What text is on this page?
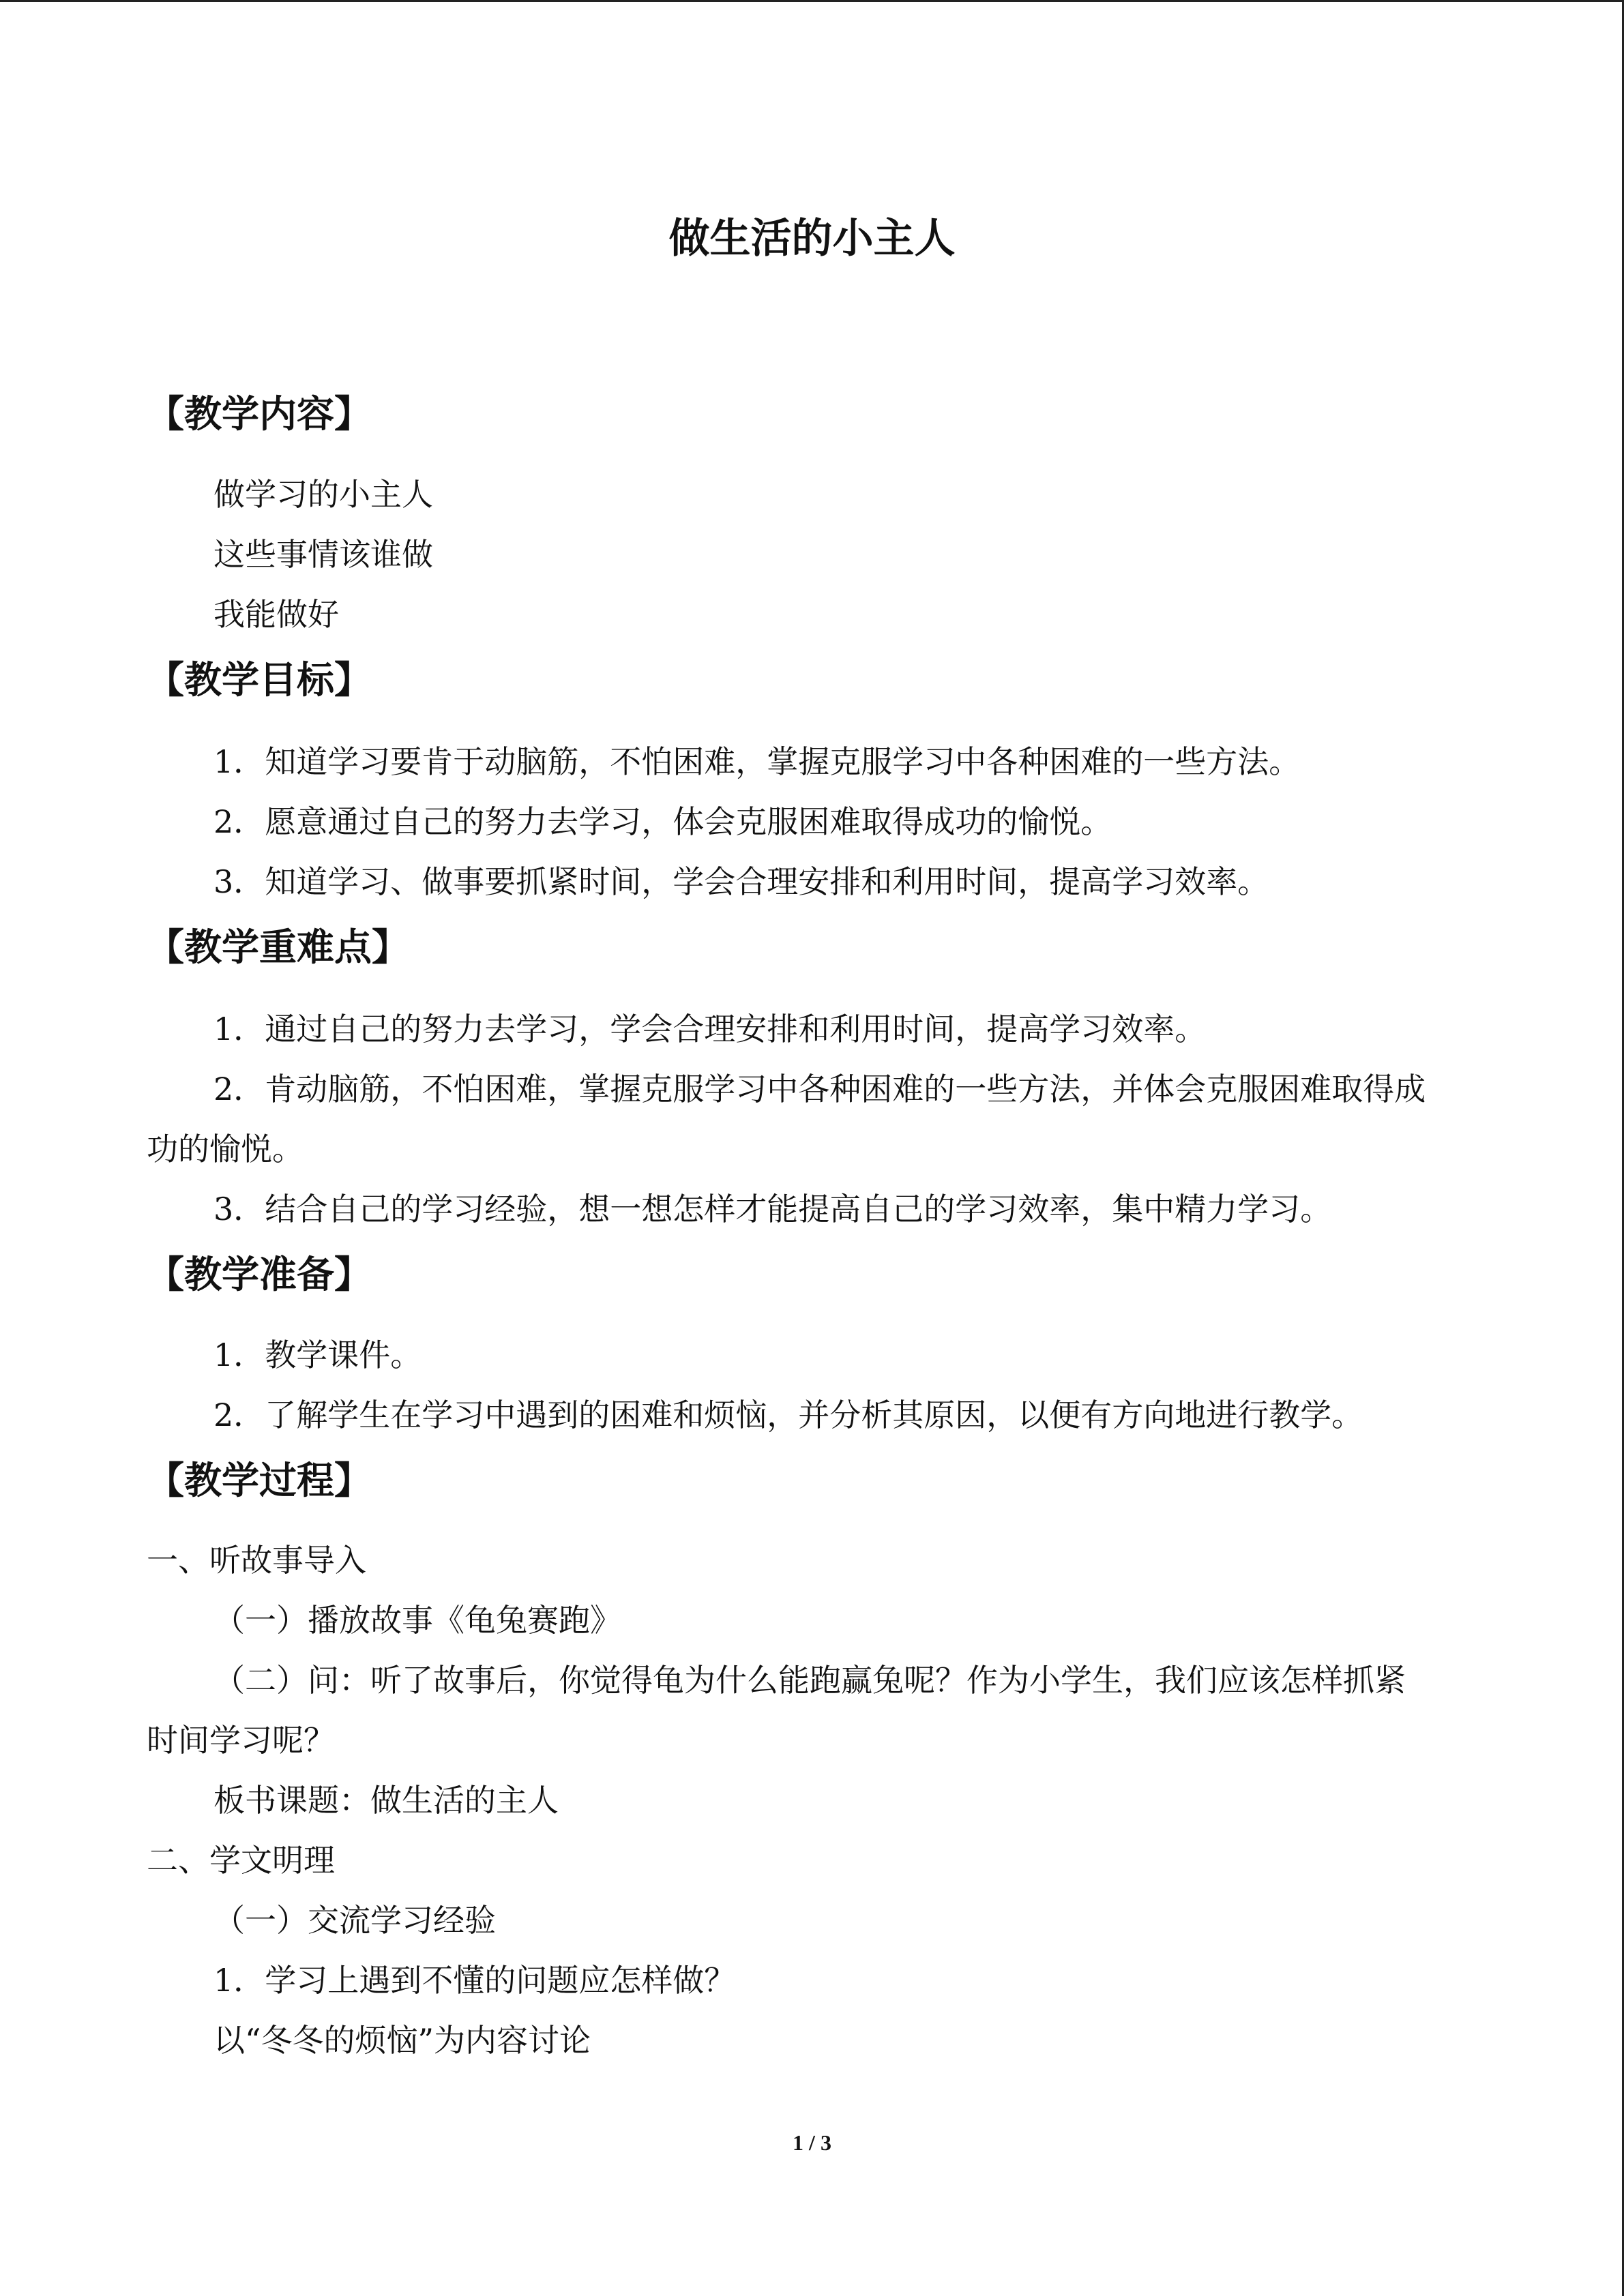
做生活的小主人
【教学内容】
做学习的小主人
这些事情该谁做
我能做好
【教学目标】
1．知道学习要肯于动脑筋，不怕困难，掌握克服学习中各种困难的一些方法。
2．愿意通过自己的努力去学习，体会克服困难取得成功的愉悦。
3．知道学习、做事要抓紧时间，学会合理安排和利用时间，提高学习效率。
【教学重难点】
1．通过自己的努力去学习，学会合理安排和利用时间，提高学习效率。
2．肯动脑筋，不怕困难，掌握克服学习中各种困难的一些方法，并体会克服困难取得成
功的愉悦。
3．结合自己的学习经验，想一想怎样才能提高自己的学习效率，集中精力学习。
【教学准备】
1．教学课件。
2．了解学生在学习中遇到的困难和烦恼，并分析其原因，以便有方向地进行教学。
【教学过程】
一、听故事导入
（一）播放故事《龟兔赛跑》
（二）问：听了故事后，你觉得龟为什么能跑赢兔呢？作为小学生，我们应该怎样抓紧
时间学习呢？
板书课题：做生活的主人
二、学文明理
（一）交流学习经验
1．学习上遇到不懂的问题应怎样做？
以“冬冬的烦恼”为内容讨论
1 / 3
